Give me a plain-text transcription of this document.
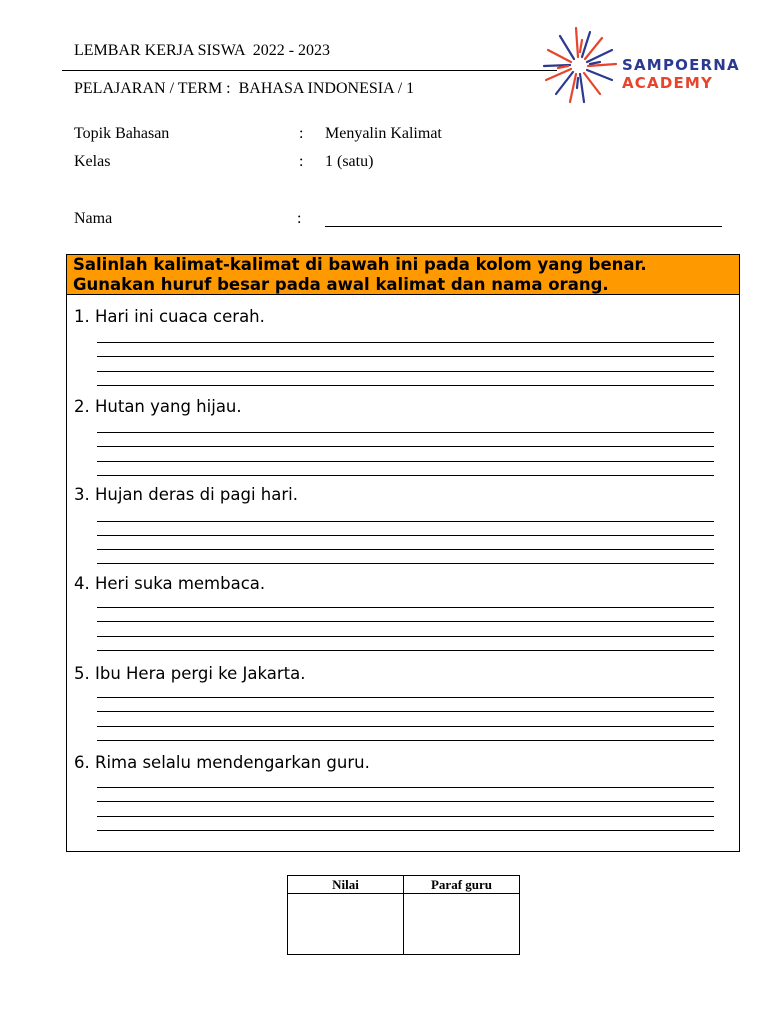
LEMBAR KERJA SISWA  2022 - 2023
PELAJARAN / TERM :  BAHASA INDONESIA / 1
SAMPOERNA
ACADEMY
Topik Bahasan	: Menyalin Kalimat
Kelas	: 1 (satu)
Nama	:
Salinlah kalimat-kalimat di bawah ini pada kolom yang benar.
Gunakan huruf besar pada awal kalimat dan nama orang.
1. Hari ini cuaca cerah.
2. Hutan yang hijau.
3. Hujan deras di pagi hari.
4. Heri suka membaca.
5. Ibu Hera pergi ke Jakarta.
6. Rima selalu mendengarkan guru.
Nilai	Paraf guru
